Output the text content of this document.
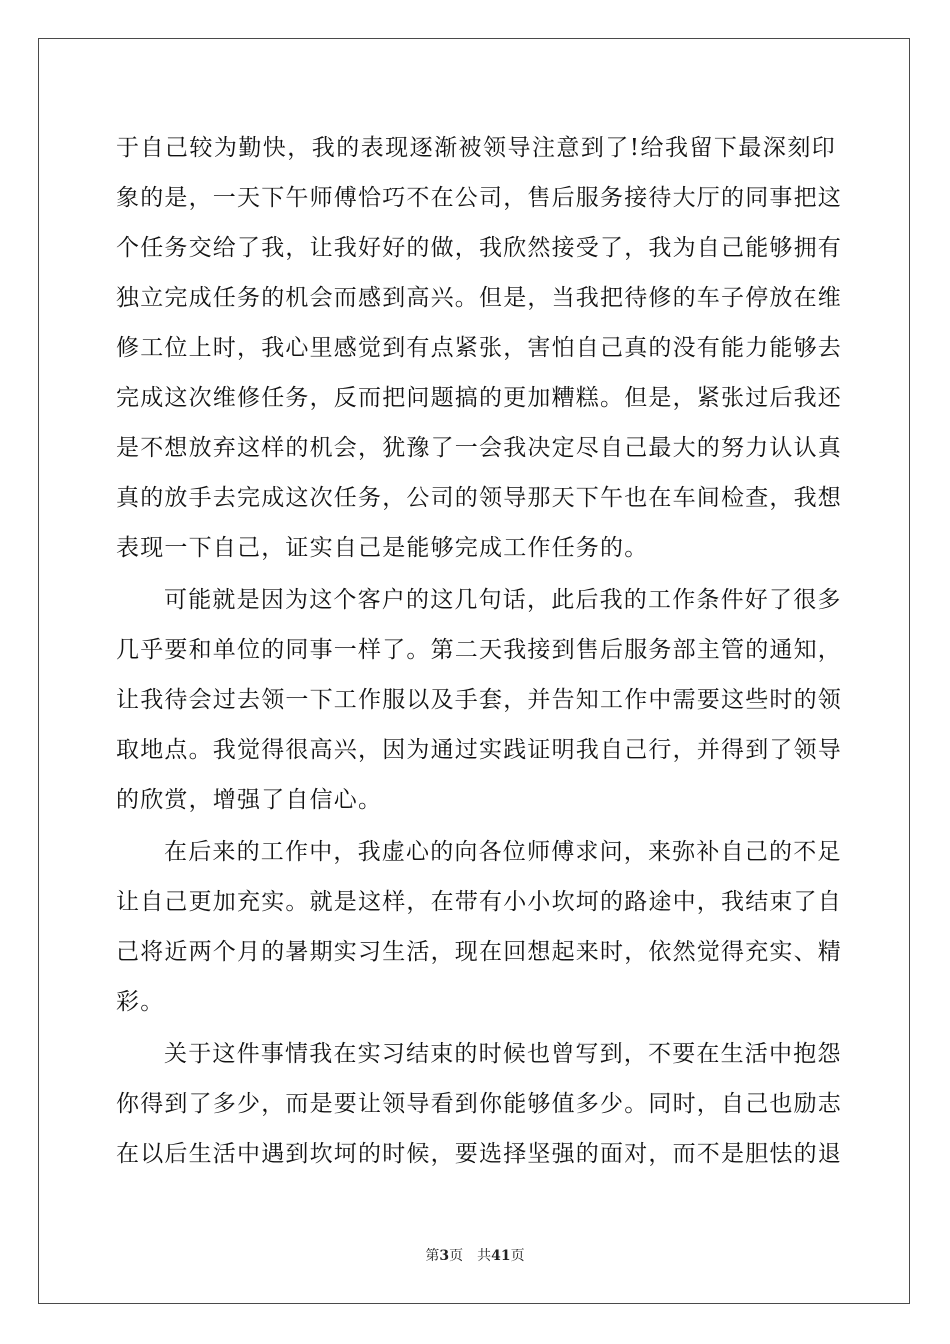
于自己较为勤快，我的表现逐渐被领导注意到了!给我留下最深刻印
象的是，一天下午师傅恰巧不在公司，售后服务接待大厅的同事把这
个任务交给了我，让我好好的做，我欣然接受了，我为自己能够拥有
独立完成任务的机会而感到高兴。但是，当我把待修的车子停放在维
修工位上时，我心里感觉到有点紧张，害怕自己真的没有能力能够去
完成这次维修任务，反而把问题搞的更加糟糕。但是，紧张过后我还
是不想放弃这样的机会，犹豫了一会我决定尽自己最大的努力认认真
真的放手去完成这次任务，公司的领导那天下午也在车间检查，我想
表现一下自己，证实自己是能够完成工作任务的。
可能就是因为这个客户的这几句话，此后我的工作条件好了很多
几乎要和单位的同事一样了。第二天我接到售后服务部主管的通知，
让我待会过去领一下工作服以及手套，并告知工作中需要这些时的领
取地点。我觉得很高兴，因为通过实践证明我自己行，并得到了领导
的欣赏，增强了自信心。
在后来的工作中，我虚心的向各位师傅求问，来弥补自己的不足
让自己更加充实。就是这样，在带有小小坎坷的路途中，我结束了自
己将近两个月的暑期实习生活，现在回想起来时，依然觉得充实、精
彩。
关于这件事情我在实习结束的时候也曾写到，不要在生活中抱怨
你得到了多少，而是要让领导看到你能够值多少。同时，自己也励志
在以后生活中遇到坎坷的时候，要选择坚强的面对，而不是胆怯的退
第3页 共41页
